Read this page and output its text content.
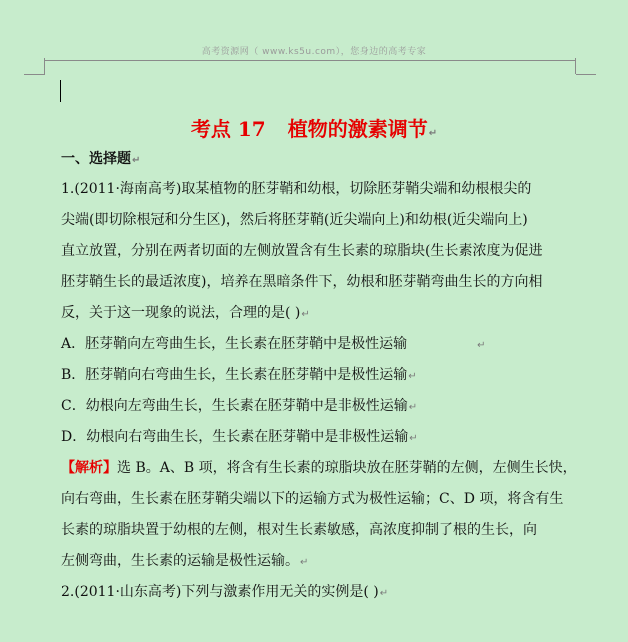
高考资源网（ www.ks5u.com），您身边的高考专家
考点 17 植物的激素调节↵
一、选择题↵
1.(2011·海南高考)取某植物的胚芽鞘和幼根，切除胚芽鞘尖端和幼根根尖的
尖端(即切除根冠和分生区)，然后将胚芽鞘(近尖端向上)和幼根(近尖端向上)
直立放置，分别在两者切面的左侧放置含有生长素的琼脂块(生长素浓度为促进
胚芽鞘生长的最适浓度)，培养在黑暗条件下，幼根和胚芽鞘弯曲生长的方向相
反，关于这一现象的说法，合理的是( )↵
A．胚芽鞘向左弯曲生长，生长素在胚芽鞘中是极性运输	↵
B．胚芽鞘向右弯曲生长，生长素在胚芽鞘中是极性运输↵
C．幼根向左弯曲生长，生长素在胚芽鞘中是非极性运输↵
D．幼根向右弯曲生长，生长素在胚芽鞘中是非极性运输↵
【解析】选 B。A、B 项，将含有生长素的琼脂块放在胚芽鞘的左侧，左侧生长快，
向右弯曲，生长素在胚芽鞘尖端以下的运输方式为极性运输；C、D 项，将含有生
长素的琼脂块置于幼根的左侧，根对生长素敏感，高浓度抑制了根的生长，向
左侧弯曲，生长素的运输是极性运输。↵
2.(2011·山东高考)下列与激素作用无关的实例是( )↵
